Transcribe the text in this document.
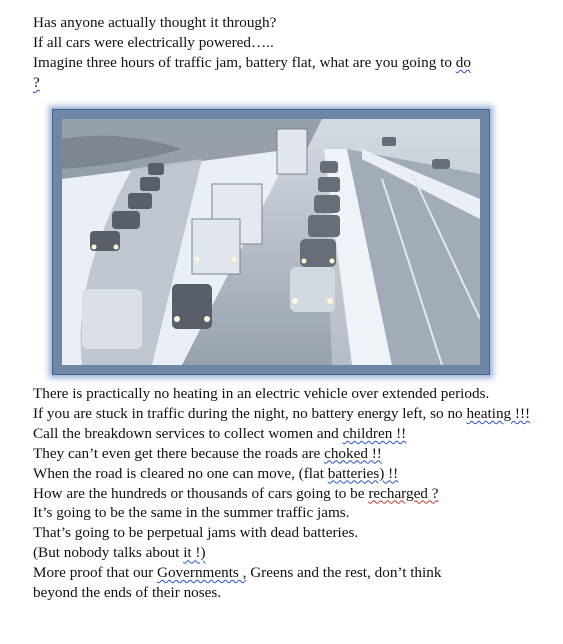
Has anyone actually thought it through?
If all cars were electrically powered…..
Imagine three hours of traffic jam, battery flat, what are you going to do
?
There is practically no heating in an electric vehicle over extended periods.
If you are stuck in traffic during the night, no battery energy left, so no heating !!!
Call the breakdown services to collect women and children !!
They can’t even get there because the roads are choked !!
When the road is cleared no one can move, (flat batteries) !!
How are the hundreds or thousands of cars going to be recharged ?
It’s going to be the same in the summer traffic jams.
That’s going to be perpetual jams with dead batteries.
(But nobody talks about it !)
More proof that our Governments , Greens and the rest, don’t think
beyond the ends of their noses.
